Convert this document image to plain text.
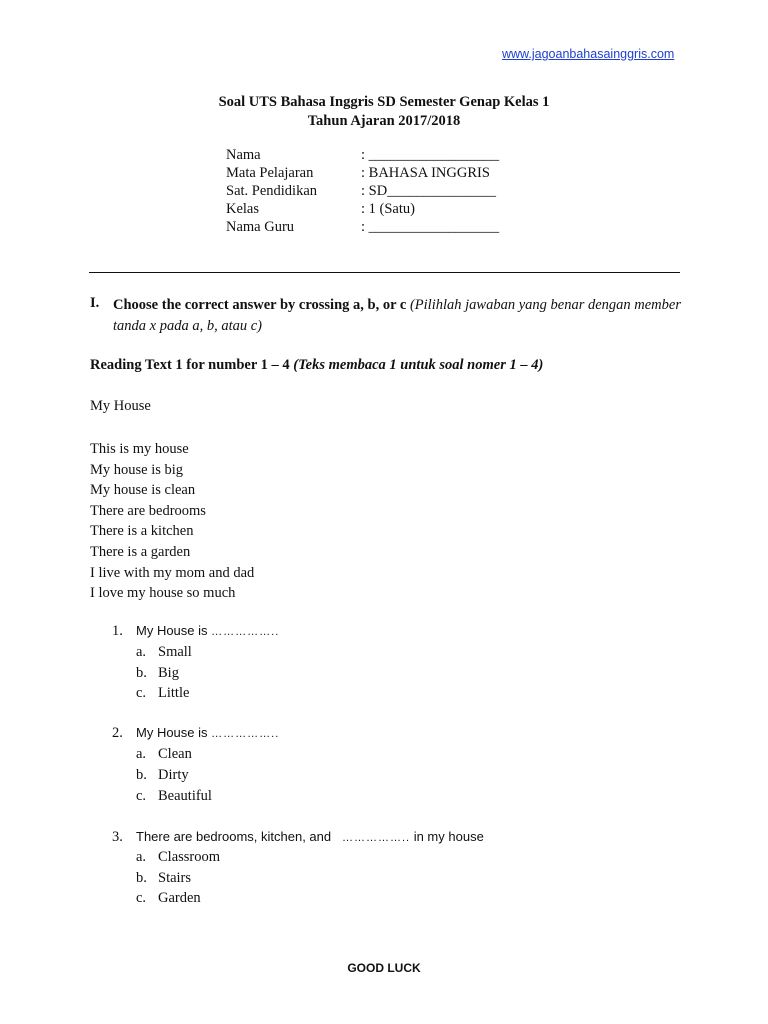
www.jagoanbahasainggris.com
Soal UTS Bahasa Inggris SD Semester Genap Kelas 1
Tahun Ajaran 2017/2018
Nama	: __________________
Mata Pelajaran	: BAHASA INGGRIS
Sat. Pendidikan	: SD_______________
Kelas	: 1 (Satu)
Nama Guru	: __________________
I. Choose the correct answer by crossing a, b, or c (Pilihlah jawaban yang benar dengan member tanda x pada a, b, atau c)
Reading Text 1 for number 1 – 4 (Teks membaca 1 untuk soal nomer 1 – 4)
My House
This is my house
My house is big
My house is clean
There are bedrooms
There is a kitchen
There is a garden
I live with my mom and dad
I love my house so much
1. My House is ……………..
a. Small
b. Big
c. Little
2. My House is ……………..
a. Clean
b. Dirty
c. Beautiful
3. There are bedrooms, kitchen, and …………….. in my house
a. Classroom
b. Stairs
c. Garden
GOOD LUCK
